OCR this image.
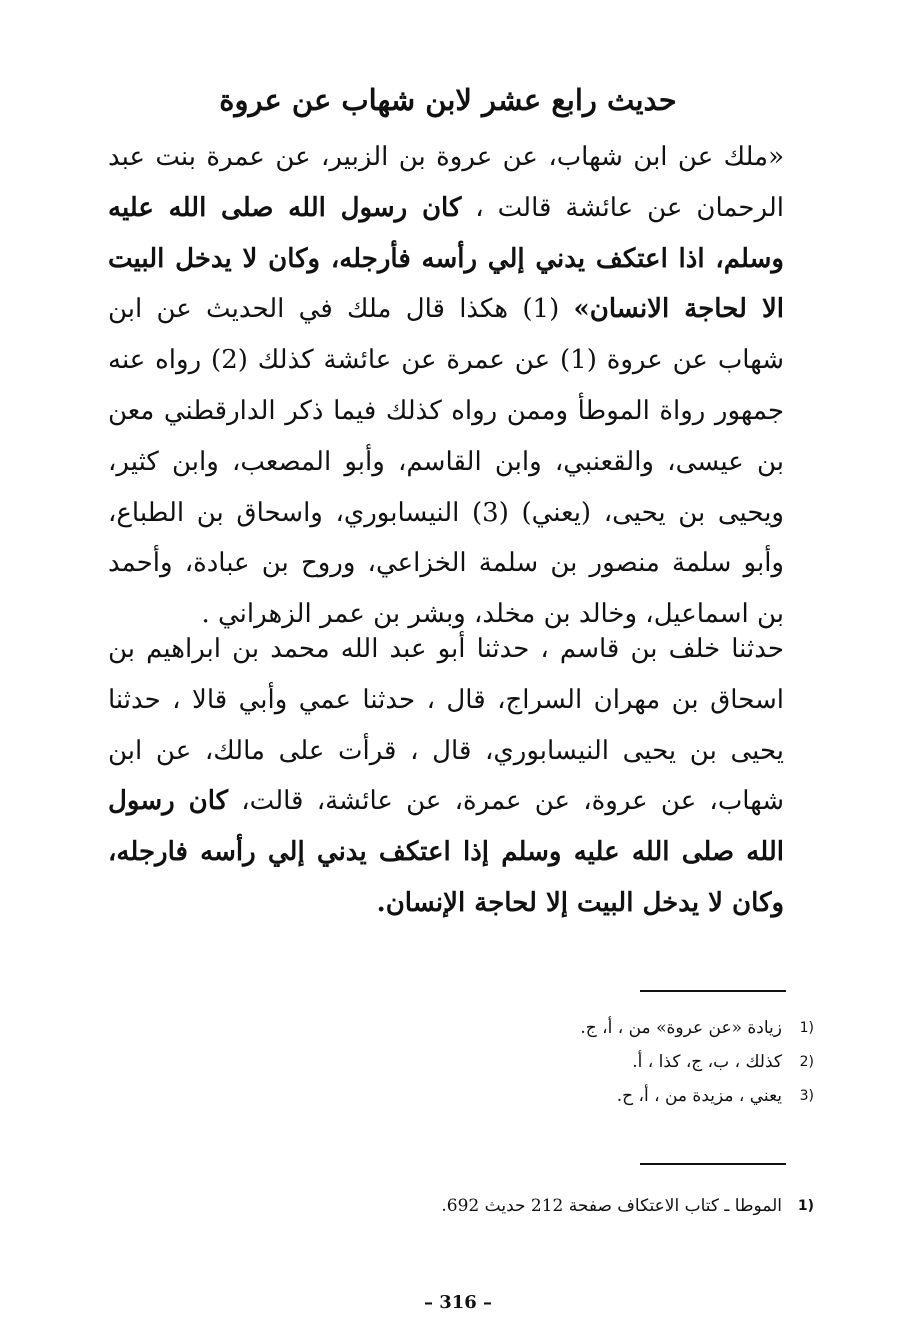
حديث رابع عشر لابن شهاب عن عروة
«ملك عن ابن شهاب، عن عروة بن الزبير، عن عمرة بنت عبد الرحمان عن عائشة قالت ، كان رسول الله صلى الله عليه وسلم، اذا اعتكف يدني إلي رأسه فأرجله، وكان لا يدخل البيت الا لحاجة الانسان» (1) هكذا قال ملك في الحديث عن ابن شهاب عن عروة (1) عن عمرة عن عائشة كذلك (2) رواه عنه جمهور رواة الموطأ وممن رواه كذلك فيما ذكر الدارقطني معن بن عيسى، والقعنبي، وابن القاسم، وأبو المصعب، وابن كثير، ويحيى بن يحيى، (يعني) (3) النيسابوري، واسحاق بن الطباع، وأبو سلمة منصور بن سلمة الخزاعي، وروح بن عبادة، وأحمد بن اسماعيل، وخالد بن مخلد، وبشر بن عمر الزهراني .
حدثنا خلف بن قاسم ، حدثنا أبو عبد الله محمد بن ابراهيم بن اسحاق بن مهران السراج، قال ، حدثنا عمي وأبي قالا ، حدثنا يحيى بن يحيى النيسابوري، قال ، قرأت على مالك، عن ابن شهاب، عن عروة، عن عمرة، عن عائشة، قالت، كان رسول الله صلى الله عليه وسلم إذا اعتكف يدني إلي رأسه فارجله، وكان لا يدخل البيت إلا لحاجة الإنسان.
1)
زيادة «عن عروة» من ، أ، ج.
2)
كذلك ، ب، ج، كذا ، أ.
3)
يعني ، مزيدة من ، أ، ح.
1)
الموطا ـ كتاب الاعتكاف صفحة 212 حديث 692.
– 316 –
